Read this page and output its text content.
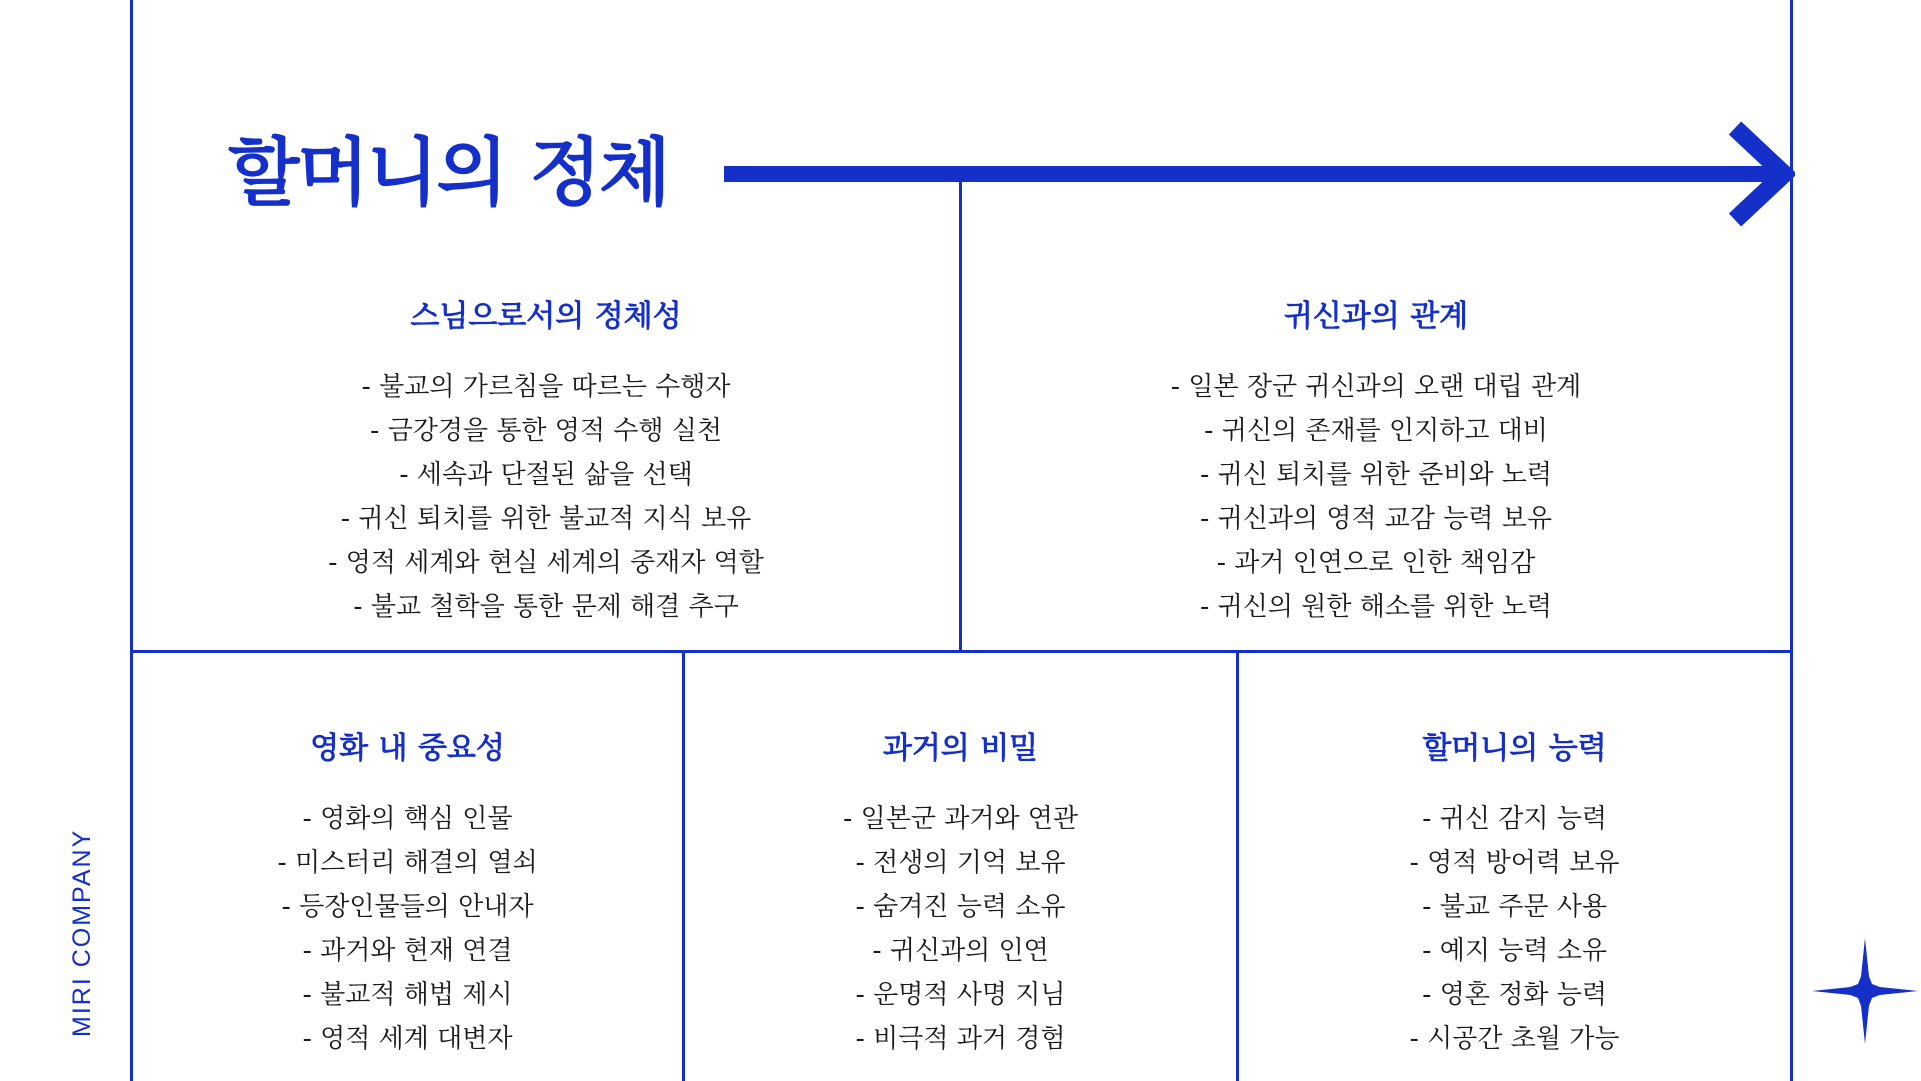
할머니의 정체
스님으로서의 정체성
- 불교의 가르침을 따르는 수행자
- 금강경을 통한 영적 수행 실천
- 세속과 단절된 삶을 선택
- 귀신 퇴치를 위한 불교적 지식 보유
- 영적 세계와 현실 세계의 중재자 역할
- 불교 철학을 통한 문제 해결 추구
귀신과의 관계
- 일본 장군 귀신과의 오랜 대립 관계
- 귀신의 존재를 인지하고 대비
- 귀신 퇴치를 위한 준비와 노력
- 귀신과의 영적 교감 능력 보유
- 과거 인연으로 인한 책임감
- 귀신의 원한 해소를 위한 노력
영화 내 중요성
- 영화의 핵심 인물
- 미스터리 해결의 열쇠
- 등장인물들의 안내자
- 과거와 현재 연결
- 불교적 해법 제시
- 영적 세계 대변자
과거의 비밀
- 일본군 과거와 연관
- 전생의 기억 보유
- 숨겨진 능력 소유
- 귀신과의 인연
- 운명적 사명 지님
- 비극적 과거 경험
할머니의 능력
- 귀신 감지 능력
- 영적 방어력 보유
- 불교 주문 사용
- 예지 능력 소유
- 영혼 정화 능력
- 시공간 초월 가능
MIRI COMPANY
